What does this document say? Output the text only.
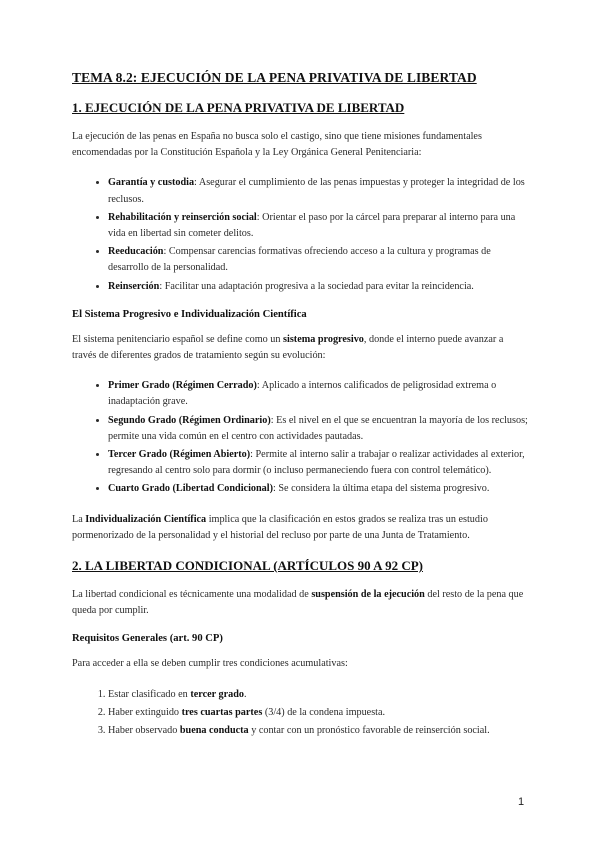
TEMA 8.2: EJECUCIÓN DE LA PENA PRIVATIVA DE LIBERTAD
1. EJECUCIÓN DE LA PENA PRIVATIVA DE LIBERTAD

La ejecución de las penas en España no busca solo el castigo, sino que tiene misiones fundamentales encomendadas por la Constitución Española y la Ley Orgánica General Penitenciaria:

• Garantía y custodia: Asegurar el cumplimiento de las penas impuestas y proteger la integridad de los reclusos.
• Rehabilitación y reinserción social: Orientar el paso por la cárcel para preparar al interno para una vida en libertad sin cometer delitos.
• Reeducación: Compensar carencias formativas ofreciendo acceso a la cultura y programas de desarrollo de la personalidad.
• Reinserción: Facilitar una adaptación progresiva a la sociedad para evitar la reincidencia.
El Sistema Progresivo e Individualización Científica

El sistema penitenciario español se define como un sistema progresivo, donde el interno puede avanzar a través de diferentes grados de tratamiento según su evolución:

• Primer Grado (Régimen Cerrado): Aplicado a internos calificados de peligrosidad extrema o inadaptación grave.
• Segundo Grado (Régimen Ordinario): Es el nivel en el que se encuentran la mayoría de los reclusos; permite una vida común en el centro con actividades pautadas.
• Tercer Grado (Régimen Abierto): Permite al interno salir a trabajar o realizar actividades al exterior, regresando al centro solo para dormir (o incluso permaneciendo fuera con control telemático).
• Cuarto Grado (Libertad Condicional): Se considera la última etapa del sistema progresivo.

La Individualización Científica implica que la clasificación en estos grados se realiza tras un estudio pormenorizado de la personalidad y el historial del recluso por parte de una Junta de Tratamiento.

2. LA LIBERTAD CONDICIONAL (ARTÍCULOS 90 A 92 CP)

La libertad condicional es técnicamente una modalidad de suspensión de la ejecución del resto de la pena que queda por cumplir.

Requisitos Generales (art. 90 CP)

Para acceder a ella se deben cumplir tres condiciones acumulativas:

1. Estar clasificado en tercer grado.
2. Haber extinguido tres cuartas partes (3/4) de la condena impuesta.
3. Haber observado buena conducta y contar con un pronóstico favorable de reinserción social.
1
